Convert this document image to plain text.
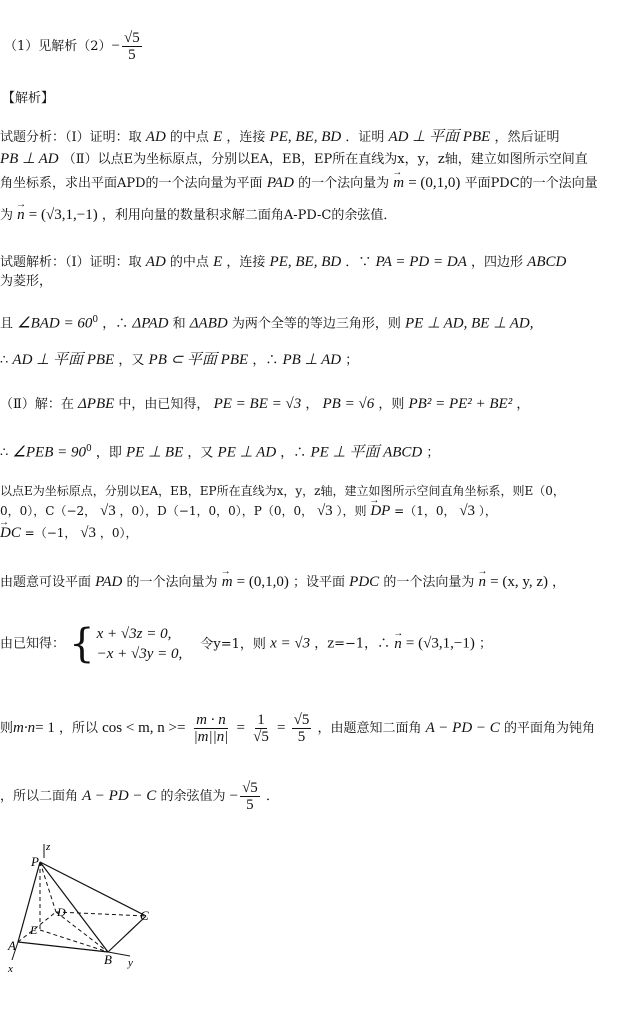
（1）见解析$(2)- \frac{√5}{5}$
【解析】
试题分析：（Ⅰ）证明：取 AD 的中点 E ，连接 PE, BE, BD ．证明 AD ⊥ 平面 PBE ，然后证明
PB ⊥ AD （Ⅱ）以点E为坐标原点，分别以EA，EB，EP所在直线为x，y，z轴，建立如图所示空间直
角坐标系，求出平面APD的一个法向量为平面 PAD 的一个法向量为 → m = (0,1,0) 平面PDC的一个法向量
为 → n = (√3,1,−1) ，利用向量的数量积求解二面角A-PD-C的余弦值．
试题解析：（Ⅰ）证明：取 AD 的中点 E ，连接 PE, BE, BD ．∵ PA = PD = DA ，四边形 ABCD
为菱形，
且 ∠BAD = $60^0$ ，∴ ΔPAD 和 ΔABD 为两个全等的等边三角形，则 PE ⊥ AD, BE ⊥ AD,
∴ AD ⊥ 平面 PBE ，又 PB ⊂ 平面 PBE ，∴ PB ⊥ AD ；
（Ⅱ）解：在 ΔPBE 中，由已知得， PE = BE = √3 ， PB = √6 ，则 PB² = PE² + BE² ，
∴ ∠PEB = $90^0$ ，即 PE ⊥ BE ，又 PE ⊥ AD ，∴ PE ⊥ 平面 ABCD ；
以点E为坐标原点，分别以EA，EB，EP所在直线为x，y，z轴，建立如图所示空间直角坐标系，则E（0，
0，0），C（−2， √3 ，0），D（−1，0，0），P（0，0， √3 ），则 → DP =（1，0， √3 ），
→ DC =（−1， √3 ，0），
由题意可设平面 PAD 的一个法向量为 → m = (0,1,0) ；设平面 PDC 的一个法向量为 → n = (x, y, z) ，
由已知得： { x + √3z = 0,
−x + √3y = 0,
令y=1，则 x = √3 ，z=−1，∴ → n = (√3,1,−1) ；
则m·n= 1 ，所以 cos < m, $n >= \frac{m \cdot n}{|m||n|} = \frac{1}{√5} = \frac{√5}{5}$ ，由题意知二面角 A − PD − C 的平面角为钝角
，所以二面角 A − PD − C 的余弦值为 − $\frac{√5}{5}$ ．
P
z
D	C
E
A
B
x	y
